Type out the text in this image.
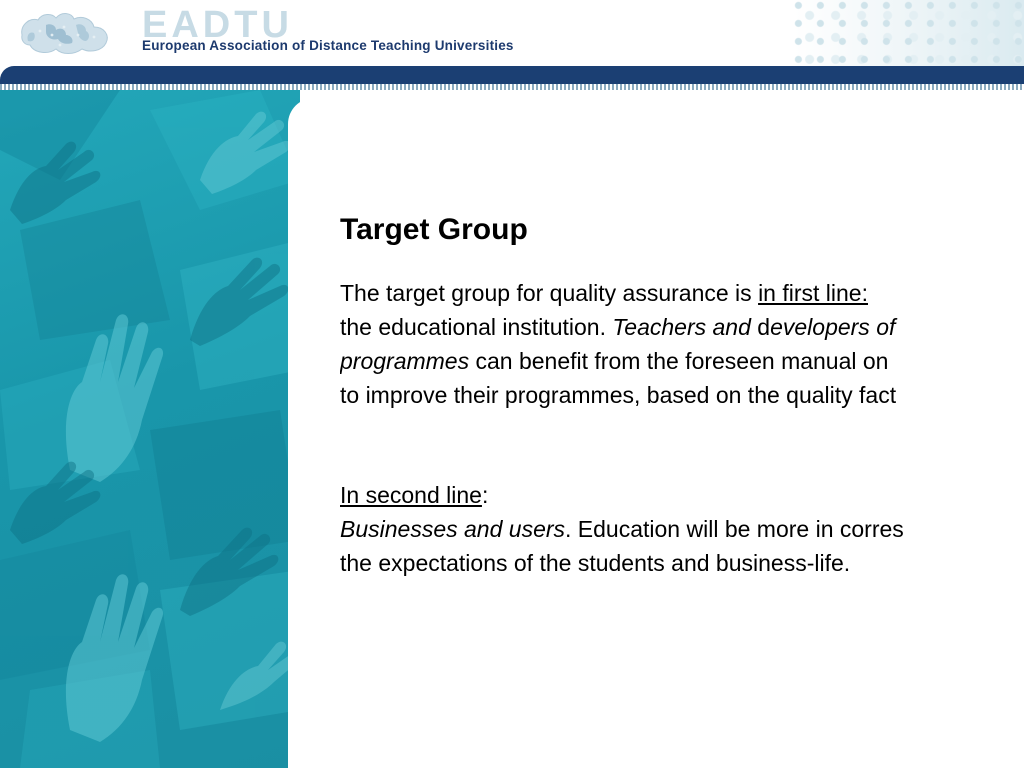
EADTU
European Association of Distance Teaching Universities
Target Group

The target group for quality assurance is in first line:
the educational institution. Teachers and developers of
programmes can benefit from the foreseen manual on
to improve their programmes, based on the quality fact

In second line:
Businesses and users. Education will be more in corres
the expectations of the students and business-life.
